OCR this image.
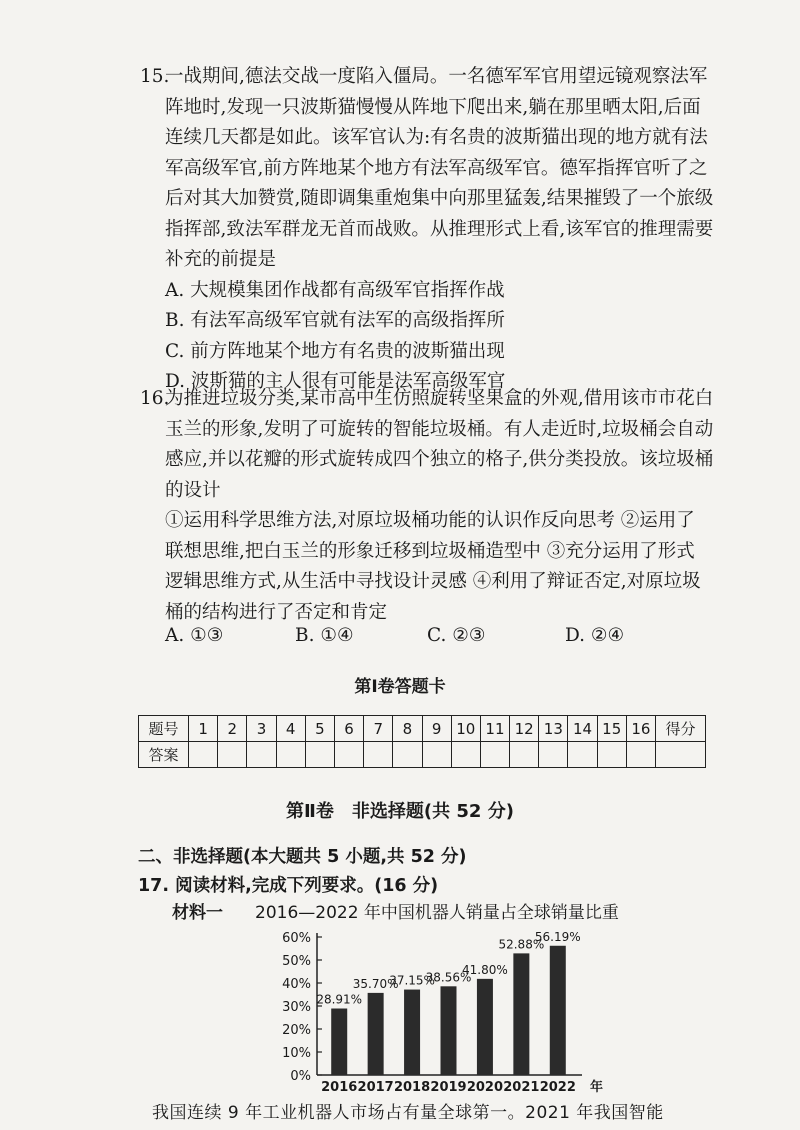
15.
一战期间,德法交战一度陷入僵局。一名德军军官用望远镜观察法军
阵地时,发现一只波斯猫慢慢从阵地下爬出来,躺在那里晒太阳,后面
连续几天都是如此。该军官认为:有名贵的波斯猫出现的地方就有法
军高级军官,前方阵地某个地方有法军高级军官。德军指挥官听了之
后对其大加赞赏,随即调集重炮集中向那里猛轰,结果摧毁了一个旅级
指挥部,致法军群龙无首而战败。从推理形式上看,该军官的推理需要
补充的前提是
A. 大规模集团作战都有高级军官指挥作战
B. 有法军高级军官就有法军的高级指挥所
C. 前方阵地某个地方有名贵的波斯猫出现
D. 波斯猫的主人很有可能是法军高级军官
16.
为推进垃圾分类,某市高中生仿照旋转坚果盒的外观,借用该市市花白
玉兰的形象,发明了可旋转的智能垃圾桶。有人走近时,垃圾桶会自动
感应,并以花瓣的形式旋转成四个独立的格子,供分类投放。该垃圾桶
的设计
①运用科学思维方法,对原垃圾桶功能的认识作反向思考 ②运用了
联想思维,把白玉兰的形象迁移到垃圾桶造型中 ③充分运用了形式
逻辑思维方式,从生活中寻找设计灵感 ④利用了辩证否定,对原垃圾
桶的结构进行了否定和肯定
A. ①③	B. ①④	C. ②③	D. ②④
第Ⅰ卷答题卡
题号	1	2	3	4	5	6	7	8	9	10	11	12	13	14	15	16	得分
答案																	
第Ⅱ卷　非选择题(共 52 分)
二、非选择题(本大题共 5 小题,共 52 分)
17. 阅读材料,完成下列要求。(16 分)
材料一 2016—2022 年中国机器人销量占全球销量比重
0%
10%
20%
30%
40%
50%
60%
28.91%
2016
35.70%
2017
37.15%
2018
38.56%
2019
41.80%
2020
52.88%
2021
56.19%
2022 年
我国连续 9 年工业机器人市场占有量全球第一。2021 年我国智能
